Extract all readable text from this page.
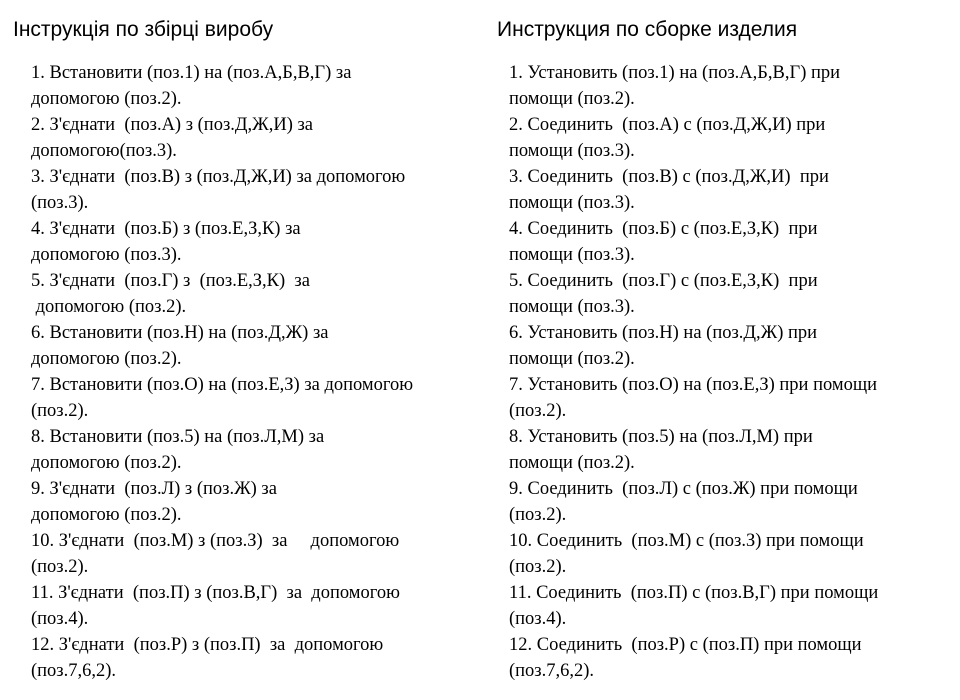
Інструкція по збірці виробу
1. Встановити (поз.1) на (поз.А,Б,В,Г) за
допомогою (поз.2).
2. З'єднати  (поз.А) з (поз.Д,Ж,И) за
допомогою(поз.3).
3. З'єднати  (поз.В) з (поз.Д,Ж,И) за допомогою
(поз.3).
4. З'єднати  (поз.Б) з (поз.Е,З,К) за
допомогою (поз.3).
5. З'єднати  (поз.Г) з  (поз.Е,З,К)  за
допомогою (поз.2).
6. Встановити (поз.Н) на (поз.Д,Ж) за
допомогою (поз.2).
7. Встановити (поз.О) на (поз.Е,З) за допомогою
(поз.2).
8. Встановити (поз.5) на (поз.Л,М) за
допомогою (поз.2).
9. З'єднати  (поз.Л) з (поз.Ж) за
допомогою (поз.2).
10. З'єднати  (поз.М) з (поз.З)  за     допомогою
(поз.2).
11. З'єднати  (поз.П) з (поз.В,Г)  за  допомогою
(поз.4).
12. З'єднати  (поз.Р) з (поз.П)  за  допомогою
(поз.7,6,2).
Инструкция по сборке изделия
1. Установить (поз.1) на (поз.А,Б,В,Г) при
помощи (поз.2).
2. Соединить  (поз.А) с (поз.Д,Ж,И) при
помощи (поз.3).
3. Соединить  (поз.В) с (поз.Д,Ж,И)  при
помощи (поз.3).
4. Соединить  (поз.Б) с (поз.Е,З,К)  при
помощи (поз.3).
5. Соединить  (поз.Г) с (поз.Е,З,К)  при
помощи (поз.3).
6. Установить (поз.Н) на (поз.Д,Ж) при
помощи (поз.2).
7. Установить (поз.О) на (поз.Е,З) при помощи
(поз.2).
8. Установить (поз.5) на (поз.Л,М) при
помощи (поз.2).
9. Соединить  (поз.Л) с (поз.Ж) при помощи
(поз.2).
10. Соединить  (поз.М) с (поз.З) при помощи
(поз.2).
11. Соединить  (поз.П) с (поз.В,Г) при помощи
(поз.4).
12. Соединить  (поз.Р) с (поз.П) при помощи
(поз.7,6,2).
